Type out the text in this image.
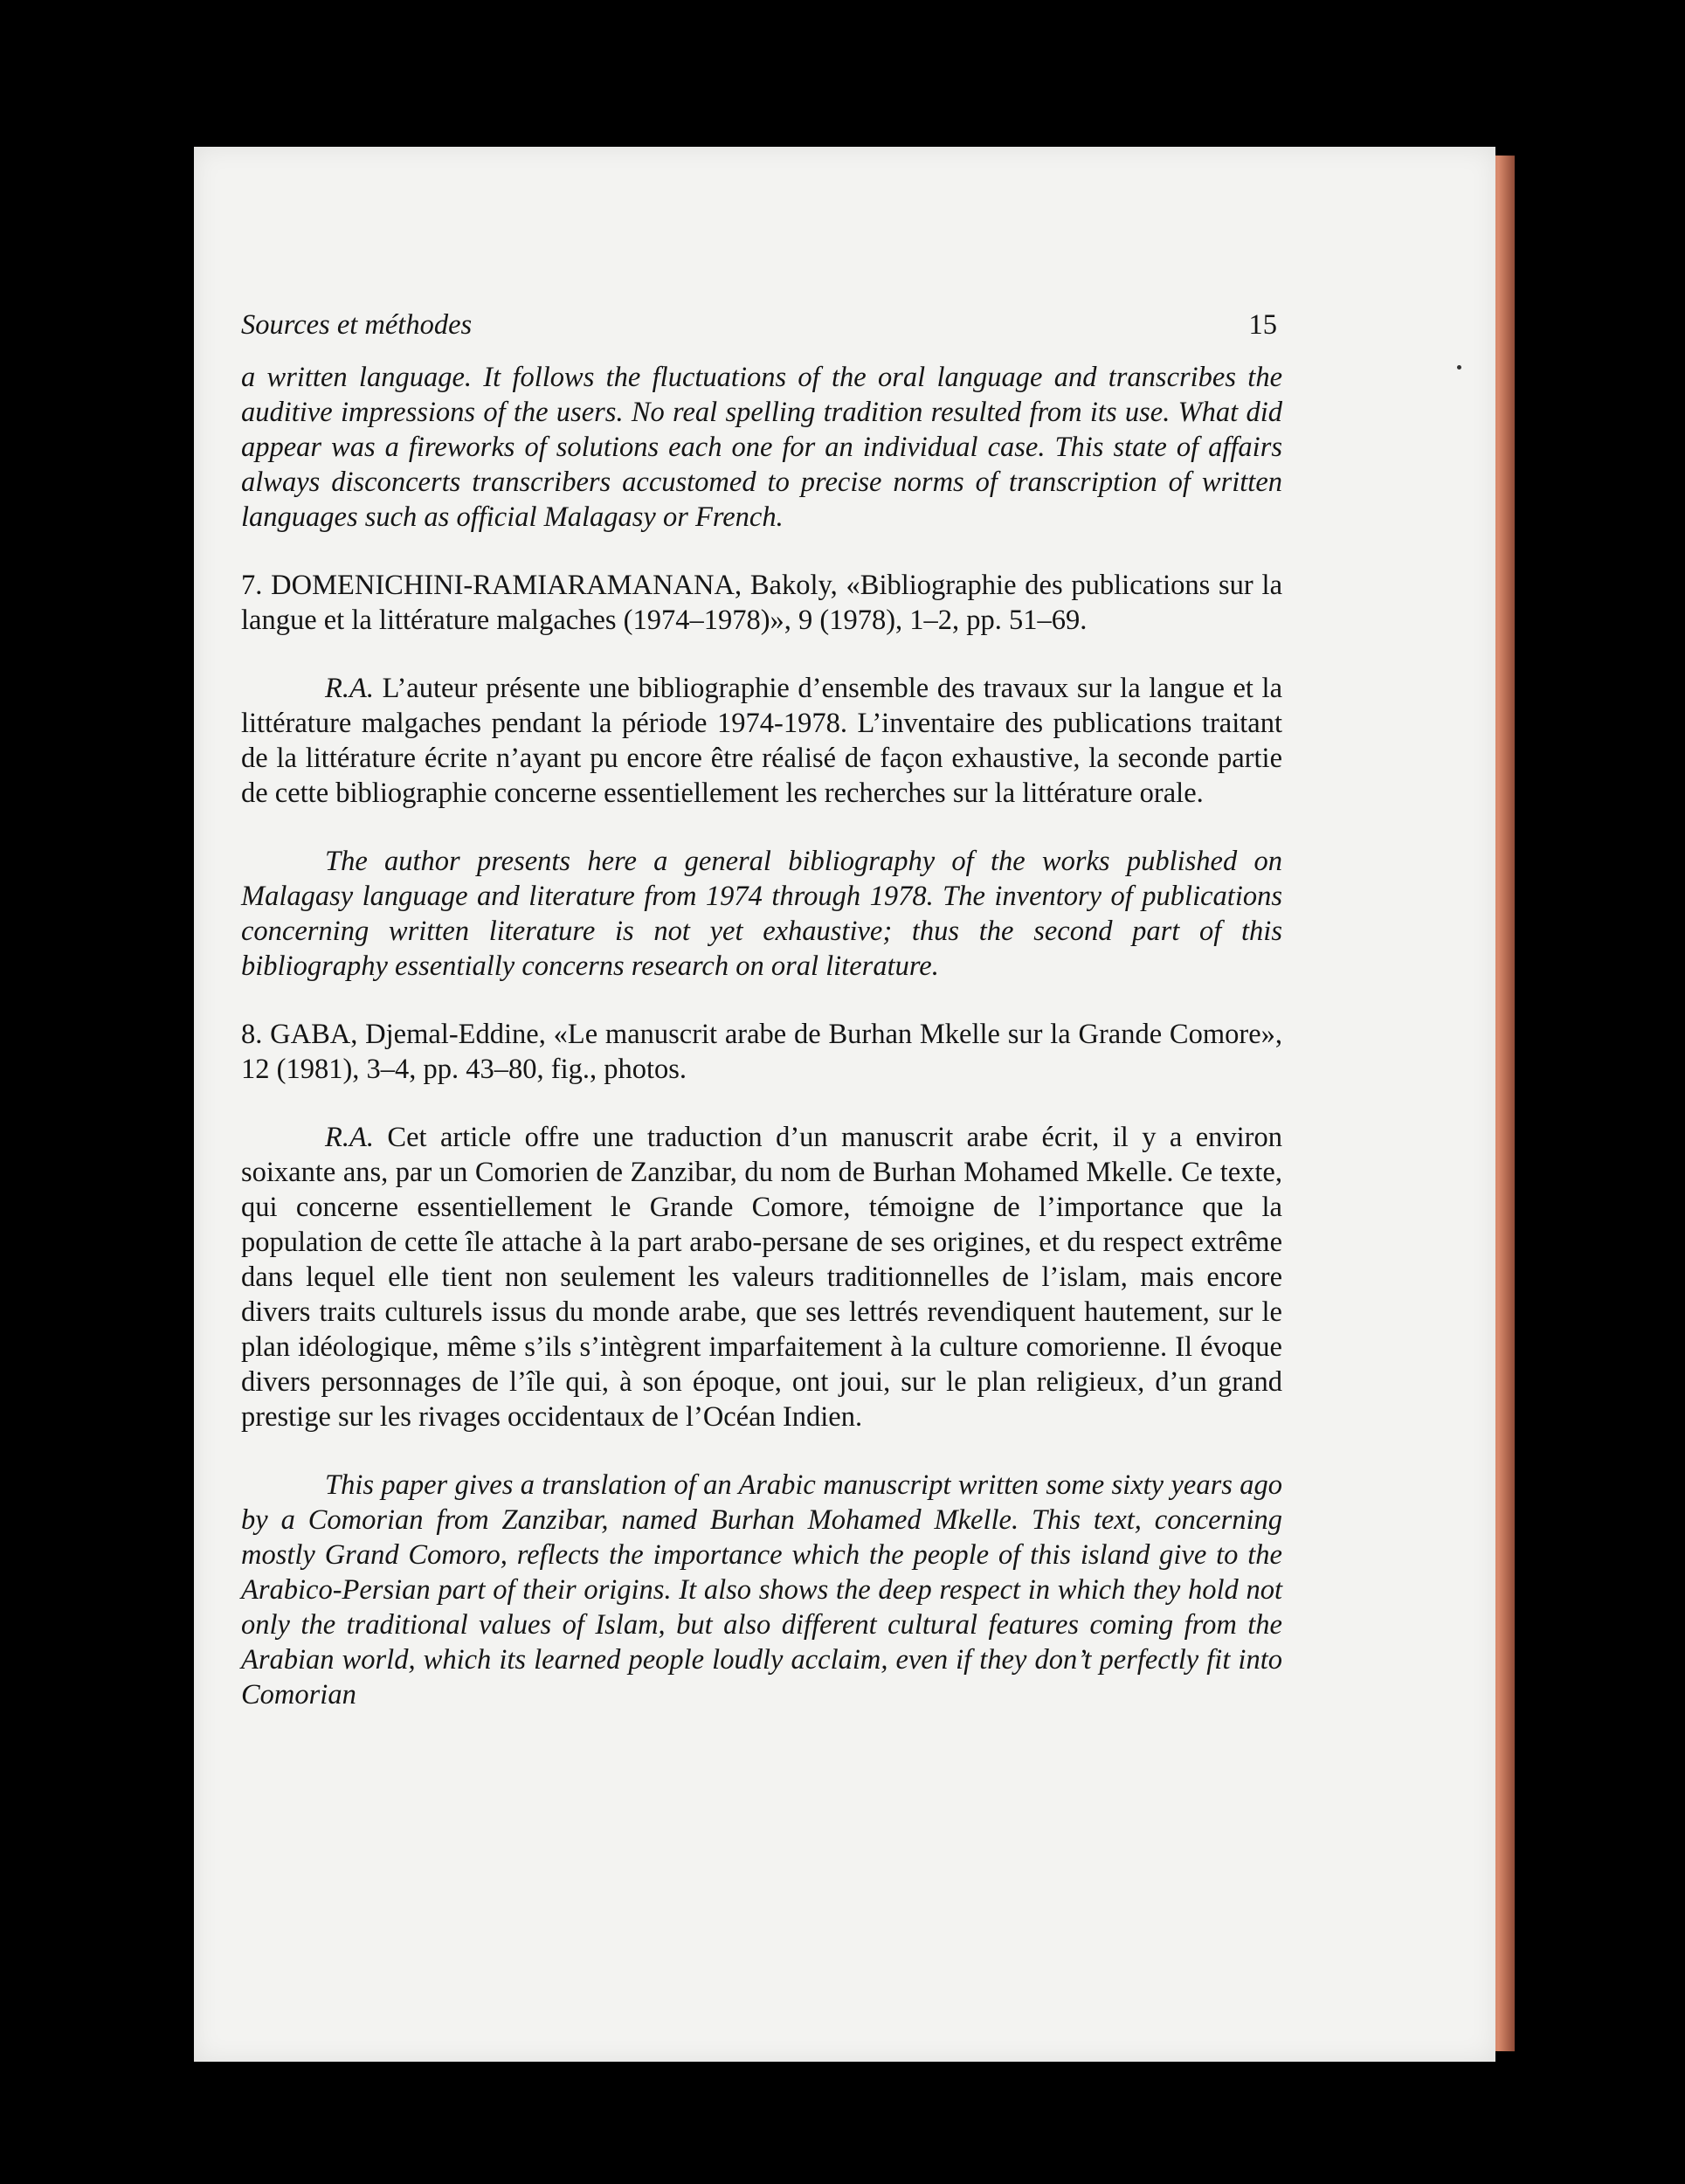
Sources et méthodes	15

a written language. It follows the fluctuations of the oral language and transcribes the auditive impressions of the users. No real spelling tradition resulted from its use. What did appear was a fireworks of solutions each one for an individual case. This state of affairs always disconcerts transcribers accustomed to precise norms of transcription of written languages such as official Malagasy or French.

7. DOMENICHINI-RAMIARAMANANA, Bakoly, «Bibliographie des publications sur la langue et la littérature malgaches (1974–1978)», 9 (1978), 1–2, pp. 51–69.

R.A. L’auteur présente une bibliographie d’ensemble des travaux sur la langue et la littérature malgaches pendant la période 1974-1978. L’inventaire des publications traitant de la littérature écrite n’ayant pu encore être réalisé de façon exhaustive, la seconde partie de cette bibliographie concerne essentiellement les recherches sur la littérature orale.

The author presents here a general bibliography of the works published on Malagasy language and literature from 1974 through 1978. The inventory of publications concerning written literature is not yet exhaustive; thus the second part of this bibliography essentially concerns research on oral literature.

8. GABA, Djemal-Eddine, «Le manuscrit arabe de Burhan Mkelle sur la Grande Comore», 12 (1981), 3–4, pp. 43–80, fig., photos.

R.A. Cet article offre une traduction d’un manuscrit arabe écrit, il y a environ soixante ans, par un Comorien de Zanzibar, du nom de Burhan Mohamed Mkelle. Ce texte, qui concerne essentiellement le Grande Comore, témoigne de l’importance que la population de cette île attache à la part arabo-persane de ses origines, et du respect extrême dans lequel elle tient non seulement les valeurs traditionnelles de l’islam, mais encore divers traits culturels issus du monde arabe, que ses lettrés revendiquent hautement, sur le plan idéologique, même s’ils s’intègrent imparfaitement à la culture comorienne. Il évoque divers personnages de l’île qui, à son époque, ont joui, sur le plan religieux, d’un grand prestige sur les rivages occidentaux de l’Océan Indien.

This paper gives a translation of an Arabic manuscript written some sixty years ago by a Comorian from Zanzibar, named Burhan Mohamed Mkelle. This text, concerning mostly Grand Comoro, reflects the importance which the people of this island give to the Arabico-Persian part of their origins. It also shows the deep respect in which they hold not only the traditional values of Islam, but also different cultural features coming from the Arabian world, which its learned people loudly acclaim, even if they don’t perfectly fit into Comorian
